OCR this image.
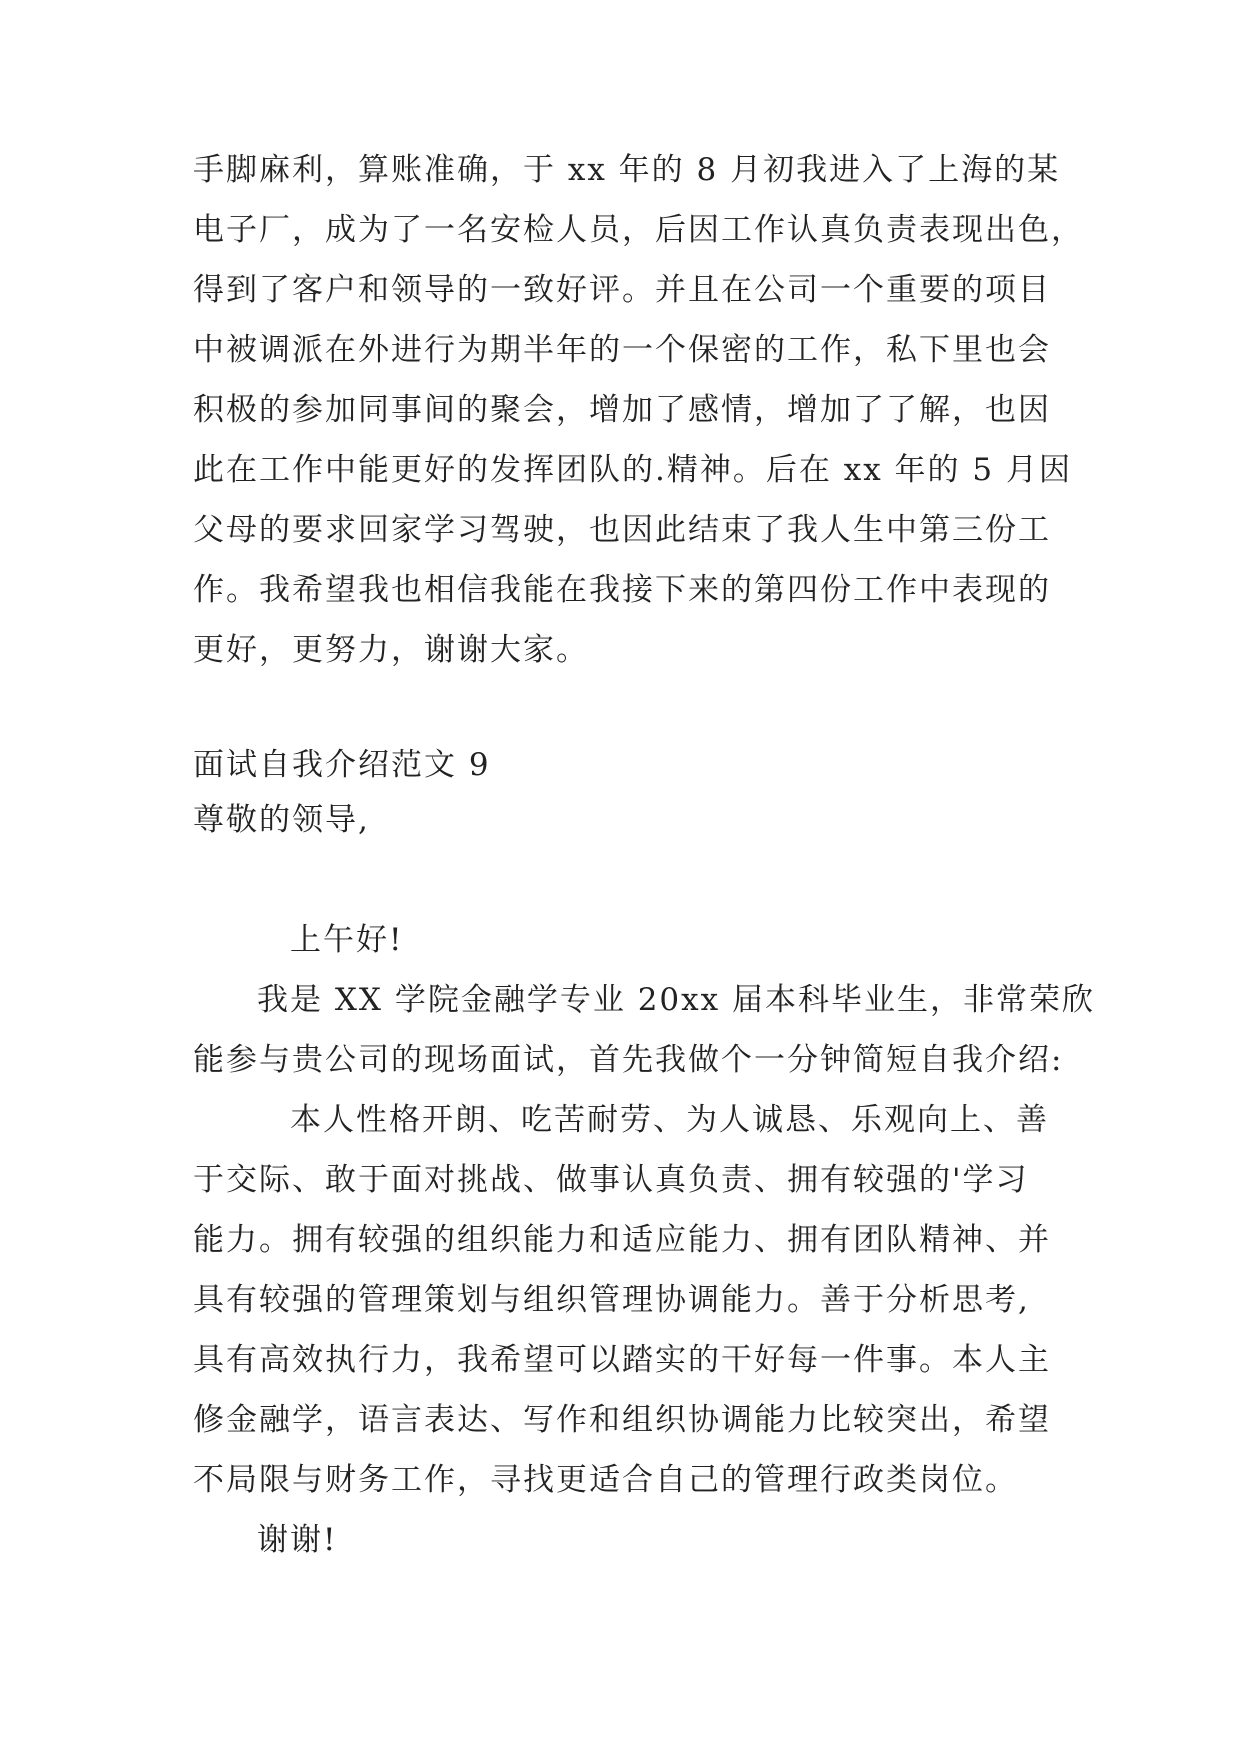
手脚麻利，算账准确，于 xx 年的 8 月初我进入了上海的某
电子厂，成为了一名安检人员，后因工作认真负责表现出色，
得到了客户和领导的一致好评。并且在公司一个重要的项目
中被调派在外进行为期半年的一个保密的工作，私下里也会
积极的参加同事间的聚会，增加了感情，增加了了解，也因
此在工作中能更好的发挥团队的.精神。后在 xx 年的 5 月因
父母的要求回家学习驾驶，也因此结束了我人生中第三份工
作。我希望我也相信我能在我接下来的第四份工作中表现的
更好，更努力，谢谢大家。
面试自我介绍范文 9
尊敬的领导,
上午好!
我是 XX 学院金融学专业 20xx 届本科毕业生，非常荣欣
能参与贵公司的现场面试，首先我做个一分钟简短自我介绍:
本人性格开朗、吃苦耐劳、为人诚恳、乐观向上、善
于交际、敢于面对挑战、做事认真负责、拥有较强的'学习
能力。拥有较强的组织能力和适应能力、拥有团队精神、并
具有较强的管理策划与组织管理协调能力。善于分析思考,
具有高效执行力，我希望可以踏实的干好每一件事。本人主
修金融学，语言表达、写作和组织协调能力比较突出，希望
不局限与财务工作，寻找更适合自己的管理行政类岗位。
谢谢!
